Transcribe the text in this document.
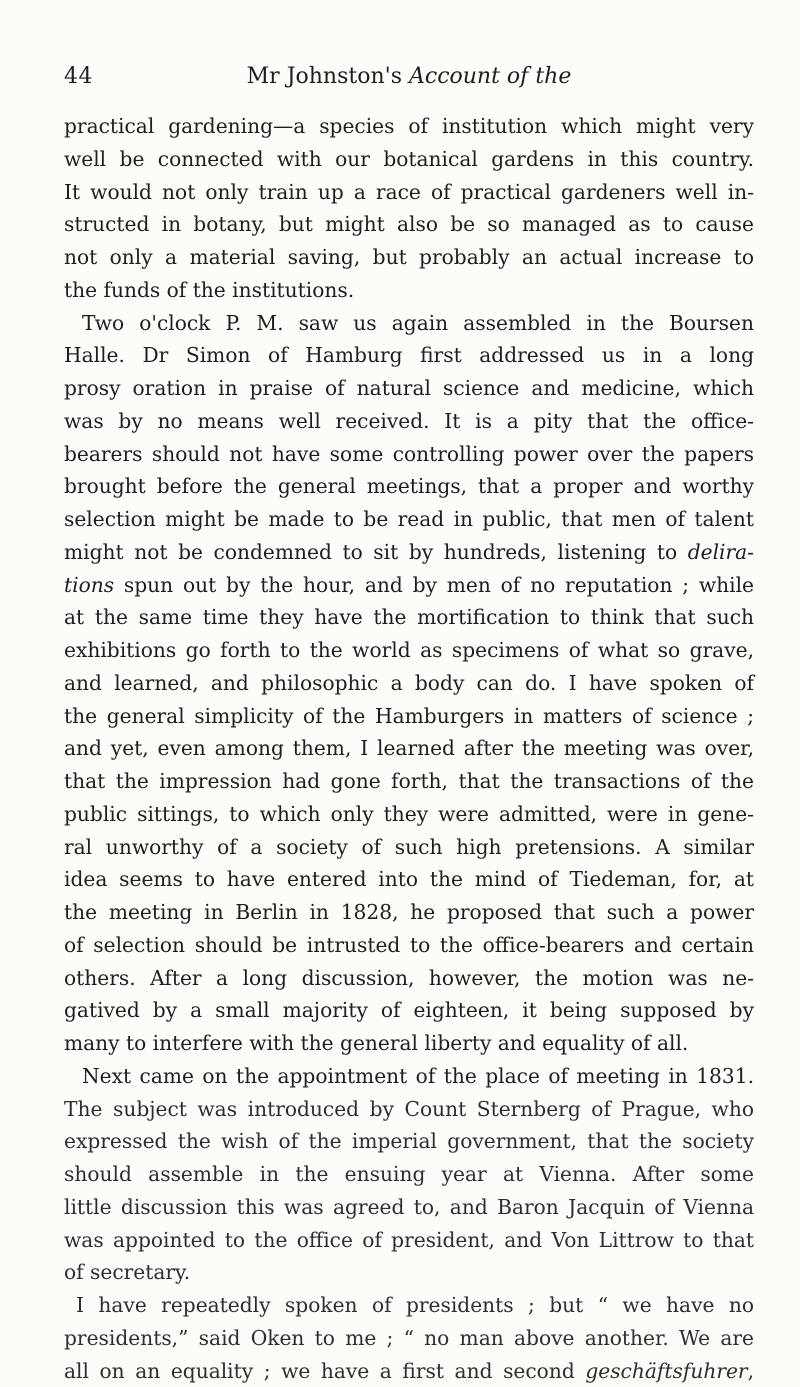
44	Mr Johnston's Account of the
practical gardening—a species of institution which might very
well be connected with our botanical gardens in this country.
It would not only train up a race of practical gardeners well in-
structed in botany, but might also be so managed as to cause
not only a material saving, but probably an actual increase to
the funds of the institutions.
Two o'clock P. M. saw us again assembled in the Boursen
Halle. Dr Simon of Hamburg first addressed us in a long
prosy oration in praise of natural science and medicine, which
was by no means well received. It is a pity that the office-
bearers should not have some controlling power over the papers
brought before the general meetings, that a proper and worthy
selection might be made to be read in public, that men of talent
might not be condemned to sit by hundreds, listening to delira-
tions spun out by the hour, and by men of no reputation ; while
at the same time they have the mortification to think that such
exhibitions go forth to the world as specimens of what so grave,
and learned, and philosophic a body can do. I have spoken of
the general simplicity of the Hamburgers in matters of science ;
and yet, even among them, I learned after the meeting was over,
that the impression had gone forth, that the transactions of the
public sittings, to which only they were admitted, were in gene-
ral unworthy of a society of such high pretensions. A similar
idea seems to have entered into the mind of Tiedeman, for, at
the meeting in Berlin in 1828, he proposed that such a power
of selection should be intrusted to the office-bearers and certain
others. After a long discussion, however, the motion was ne-
gatived by a small majority of eighteen, it being supposed by
many to interfere with the general liberty and equality of all.
Next came on the appointment of the place of meeting in 1831.
The subject was introduced by Count Sternberg of Prague, who
expressed the wish of the imperial government, that the society
should assemble in the ensuing year at Vienna. After some
little discussion this was agreed to, and Baron Jacquin of Vienna
was appointed to the office of president, and Von Littrow to that
of secretary.
I have repeatedly spoken of presidents ; but “ we have no
presidents,” said Oken to me ; “ no man above another. We are
all on an equality ; we have a first and second geschäftsfuhrer,
